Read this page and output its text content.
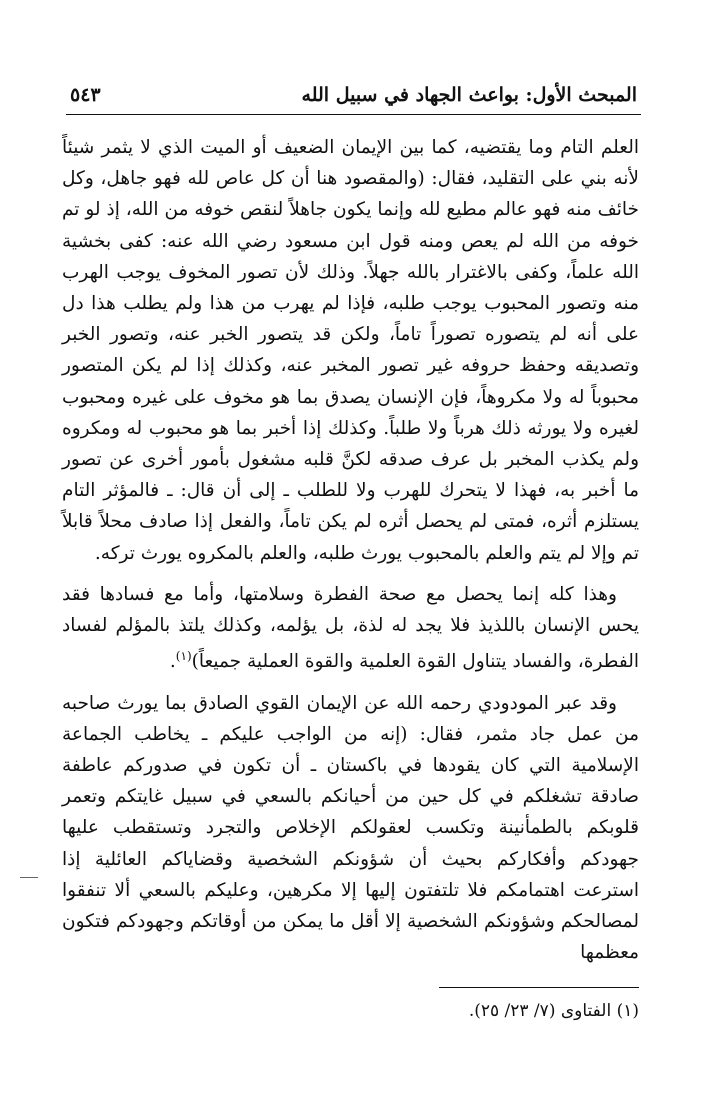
المبحث الأول: بواعث الجهاد في سبيل الله
٥٤٣

العلم التام وما يقتضيه، كما بين الإيمان الضعيف أو الميت الذي لا يثمر شيئاً لأنه بني على التقليد، فقال: (والمقصود هنا أن كل عاص لله فهو جاهل، وكل خائف منه فهو عالم مطيع لله وإنما يكون جاهلاً لنقص خوفه من الله، إذ لو تم خوفه من الله لم يعص ومنه قول ابن مسعود رضي الله عنه: كفى بخشية الله علماً، وكفى بالاغترار بالله جهلاً. وذلك لأن تصور المخوف يوجب الهرب منه وتصور المحبوب يوجب طلبه، فإذا لم يهرب من هذا ولم يطلب هذا دل على أنه لم يتصوره تصوراً تاماً، ولكن قد يتصور الخبر عنه، وتصور الخبر وتصديقه وحفظ حروفه غير تصور المخبر عنه، وكذلك إذا لم يكن المتصور محبوباً له ولا مكروهاً، فإن الإنسان يصدق بما هو مخوف على غيره ومحبوب لغيره ولا يورثه ذلك هرباً ولا طلباً. وكذلك إذا أخبر بما هو محبوب له ومكروه ولم يكذب المخبر بل عرف صدقه لكنَّ قلبه مشغول بأمور أخرى عن تصور ما أخبر به، فهذا لا يتحرك للهرب ولا للطلب ـ إلى أن قال: ـ فالمؤثر التام يستلزم أثره، فمتى لم يحصل أثره لم يكن تاماً، والفعل إذا صادف محلاً قابلاً تم وإلا لم يتم والعلم بالمحبوب يورث طلبه، والعلم بالمكروه يورث تركه.

وهذا كله إنما يحصل مع صحة الفطرة وسلامتها، وأما مع فسادها فقد يحس الإنسان باللذيذ فلا يجد له لذة، بل يؤلمه، وكذلك يلتذ بالمؤلم لفساد الفطرة، والفساد يتناول القوة العلمية والقوة العملية جميعاً)$^{(١)}$.

وقد عبر المودودي رحمه الله عن الإيمان القوي الصادق بما يورث صاحبه من عمل جاد مثمر، فقال: (إنه من الواجب عليكم ـ يخاطب الجماعة الإسلامية التي كان يقودها في باكستان ـ أن تكون في صدوركم عاطفة صادقة تشغلكم في كل حين من أحيانكم بالسعي في سبيل غايتكم وتعمر قلوبكم بالطمأنينة وتكسب لعقولكم الإخلاص والتجرد وتستقطب عليها جهودكم وأفكاركم بحيث أن شؤونكم الشخصية وقضاياكم العائلية إذا استرعت اهتمامكم فلا تلتفتون إليها إلا مكرهين، وعليكم بالسعي ألا تنفقوا لمصالحكم وشؤونكم الشخصية إلا أقل ما يمكن من أوقاتكم وجهودكم فتكون معظمها

(١) الفتاوى (٧/ ٢٣/ ٢٥).
